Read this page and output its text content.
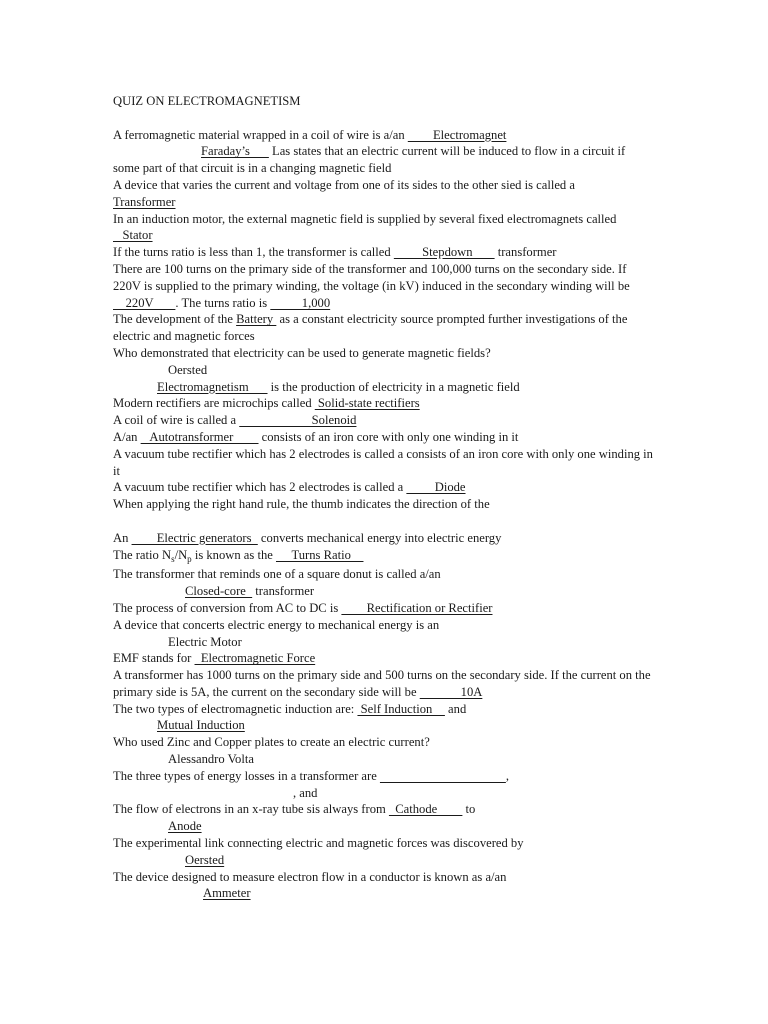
QUIZ ON ELECTROMAGNETISM
A ferromagnetic material wrapped in a coil of wire is a/an         Electromagnet
Faraday’s       Las states that an electric current will be induced to flow in a circuit if some part of that circuit is in a changing magnetic field
A device that varies the current and voltage from one of its sides to the other sied is called a
Transformer
In an induction motor, the external magnetic field is supplied by several fixed electromagnets called    Stator
If the turns ratio is less than 1, the transformer is called          Stepdown        transformer
There are 100 turns on the primary side of the transformer and 100,000 turns on the secondary side. If 220V is supplied to the primary winding, the voltage (in kV) induced in the secondary winding will be     220V       . The turns ratio is           1,000
The development of the Battery  as a constant electricity source prompted further investigations of the electric and magnetic forces
Who demonstrated that electricity can be used to generate magnetic fields?
Oersted
Electromagnetism       is the production of electricity in a magnetic field
Modern rectifiers are microchips called  Solid-state rectifiers
A coil of wire is called a                        Solenoid
A/an    Autotransformer         consists of an iron core with only one winding in it
A vacuum tube rectifier which has 2 electrodes is called a consists of an iron core with only one winding in it
A vacuum tube rectifier which has 2 electrodes is called a          Diode
When applying the right hand rule, the thumb indicates the direction of the
An         Electric generators   converts mechanical energy into electric energy
The ratio $N_s/N_p$ is known as the      Turns Ratio
The transformer that reminds one of a square donut is called a/an
Closed-core   transformer
The process of conversion from AC to DC is         Rectification or Rectifier
A device that concerts electric energy to mechanical energy is an
Electric Motor
EMF stands for   Electromagnetic Force
A transformer has 1000 turns on the primary side and 500 turns on the secondary side. If the current on the primary side is 5A, the current on the secondary side will be              10A
The two types of electromagnetic induction are:  Self Induction     and
Mutual Induction
Who used Zinc and Copper plates to create an electric current?
Alessandro Volta
The three types of energy losses in a transformer are	,
, and
The flow of electrons in an x-ray tube sis always from   Cathode         to
Anode
The experimental link connecting electric and magnetic forces was discovered by
Oersted
The device designed to measure electron flow in a conductor is known as a/an
Ammeter
